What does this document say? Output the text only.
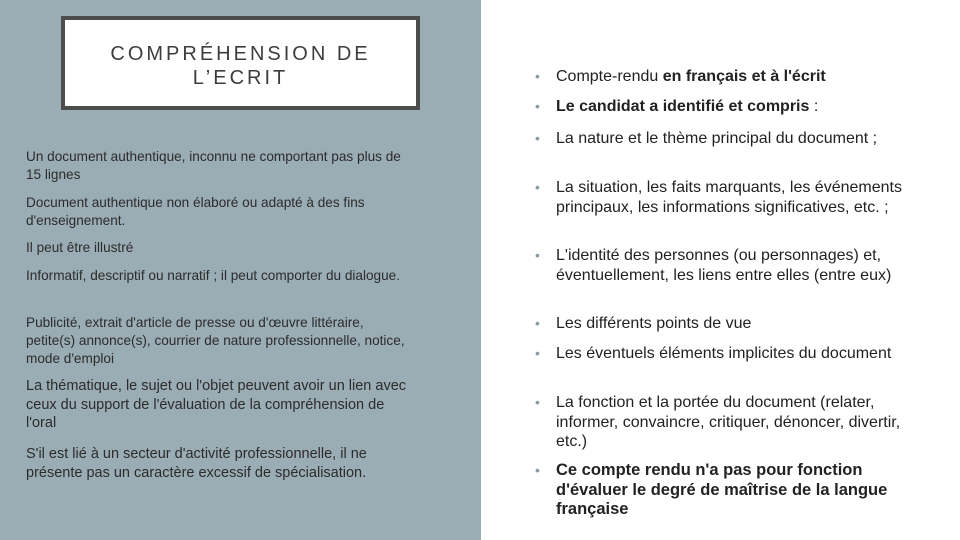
COMPRÉHENSION DE
L’ECRIT

Un document authentique, inconnu ne comportant pas plus de 15 lignes

Document authentique non élaboré ou adapté à des fins d'enseignement.

Il peut être illustré

Informatif, descriptif ou narratif ; il peut comporter du dialogue.

Publicité, extrait d'article de presse ou d'œuvre littéraire, petite(s) annonce(s), courrier de nature professionnelle, notice, mode d'emploi

La thématique, le sujet ou l'objet peuvent avoir un lien avec ceux du support de l'évaluation de la compréhension de l'oral

S'il est lié à un secteur d'activité professionnelle, il ne présente pas un caractère excessif de spécialisation.

• Compte-rendu en français et à l'écrit
• Le candidat a identifié et compris :
• La nature et le thème principal du document ;
• La situation, les faits marquants, les événements principaux, les informations significatives, etc. ;
• L'identité des personnes (ou personnages) et, éventuellement, les liens entre elles (entre eux)
• Les différents points de vue
• Les éventuels éléments implicites du document
• La fonction et la portée du document (relater, informer, convaincre, critiquer, dénoncer, divertir, etc.)
• Ce compte rendu n'a pas pour fonction d'évaluer le degré de maîtrise de la langue française
